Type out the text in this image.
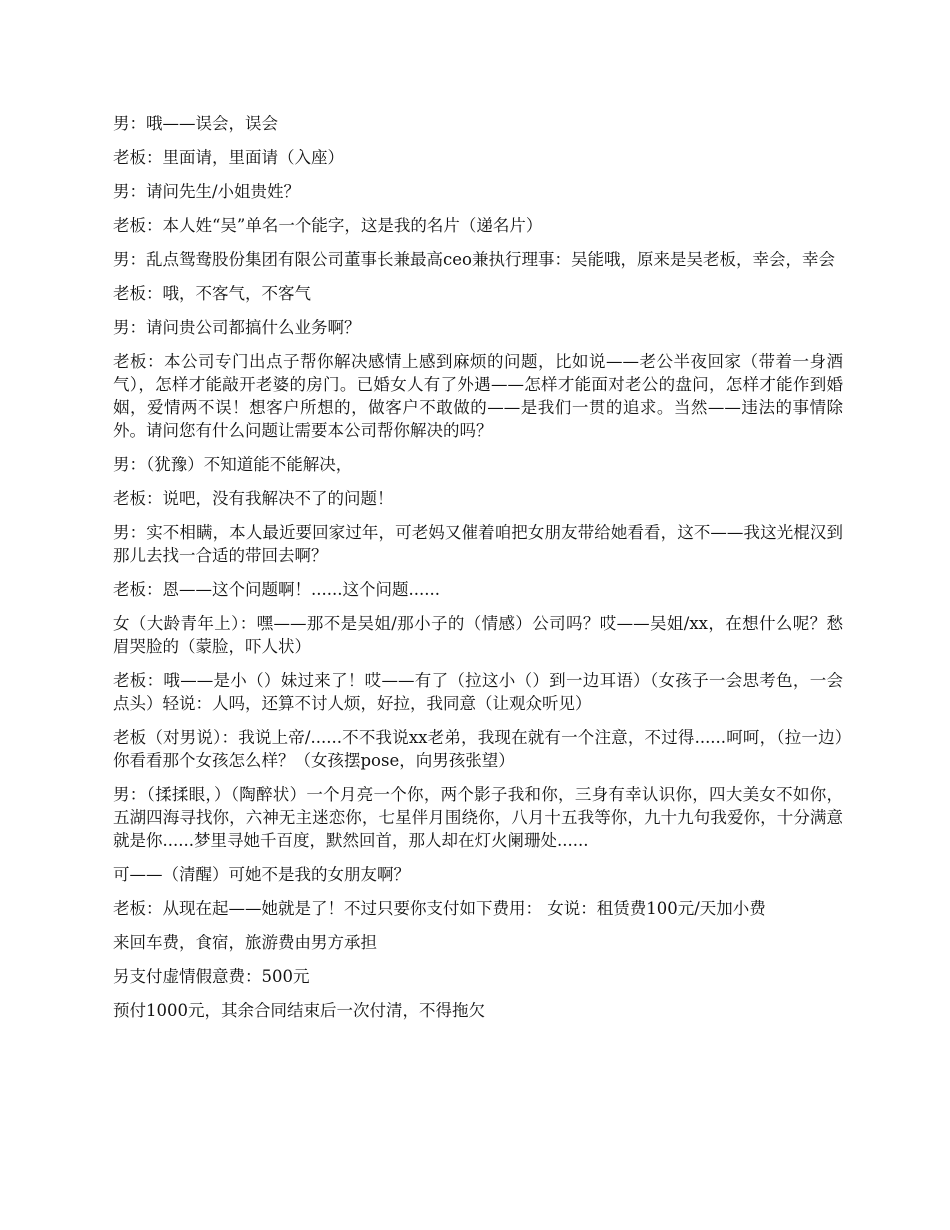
男：哦——误会，误会

老板：里面请，里面请（入座）

男：请问先生/小姐贵姓？

老板：本人姓“吴”单名一个能字，这是我的名片（递名片）

男：乱点鸳鸯股份集团有限公司董事长兼最高ceo兼执行理事：吴能哦，原来是吴老板，幸会，幸会

老板：哦，不客气，不客气

男：请问贵公司都搞什么业务啊？

老板：本公司专门出点子帮你解决感情上感到麻烦的问题，比如说——老公半夜回家（带着一身酒气），怎样才能敲开老婆的房门。已婚女人有了外遇——怎样才能面对老公的盘问，怎样才能作到婚姻，爱情两不误！想客户所想的，做客户不敢做的——是我们一贯的追求。当然——违法的事情除外。请问您有什么问题让需要本公司帮你解决的吗？

男：（犹豫）不知道能不能解决，

老板：说吧，没有我解决不了的问题！

男：实不相瞒，本人最近要回家过年，可老妈又催着咱把女朋友带给她看看，这不——我这光棍汉到那儿去找一合适的带回去啊？

老板：恩——这个问题啊！......这个问题......

女（大龄青年上）：嘿——那不是吴姐/那小子的（情感）公司吗？哎——吴姐/xx，在想什么呢？愁眉哭脸的（蒙脸，吓人状）

老板：哦——是小（）妹过来了！哎——有了（拉这小（）到一边耳语）（女孩子一会思考色，一会点头）轻说：人吗，还算不讨人烦，好拉，我同意（让观众听见）

老板（对男说）：我说上帝/......不不我说xx老弟，我现在就有一个注意，不过得......呵呵，（拉一边）你看看那个女孩怎么样？（女孩摆pose，向男孩张望）

男：（揉揉眼，）（陶醉状）一个月亮一个你，两个影子我和你，三身有幸认识你，四大美女不如你，五湖四海寻找你，六神无主迷恋你，七星伴月围绕你，八月十五我等你，九十九句我爱你，十分满意就是你......梦里寻她千百度，默然回首，那人却在灯火阑珊处......

可——（清醒）可她不是我的女朋友啊？

老板：从现在起——她就是了！不过只要你支付如下费用： 女说：租赁费100元/天加小费

来回车费，食宿，旅游费由男方承担

另支付虚情假意费：500元

预付1000元，其余合同结束后一次付清，不得拖欠
